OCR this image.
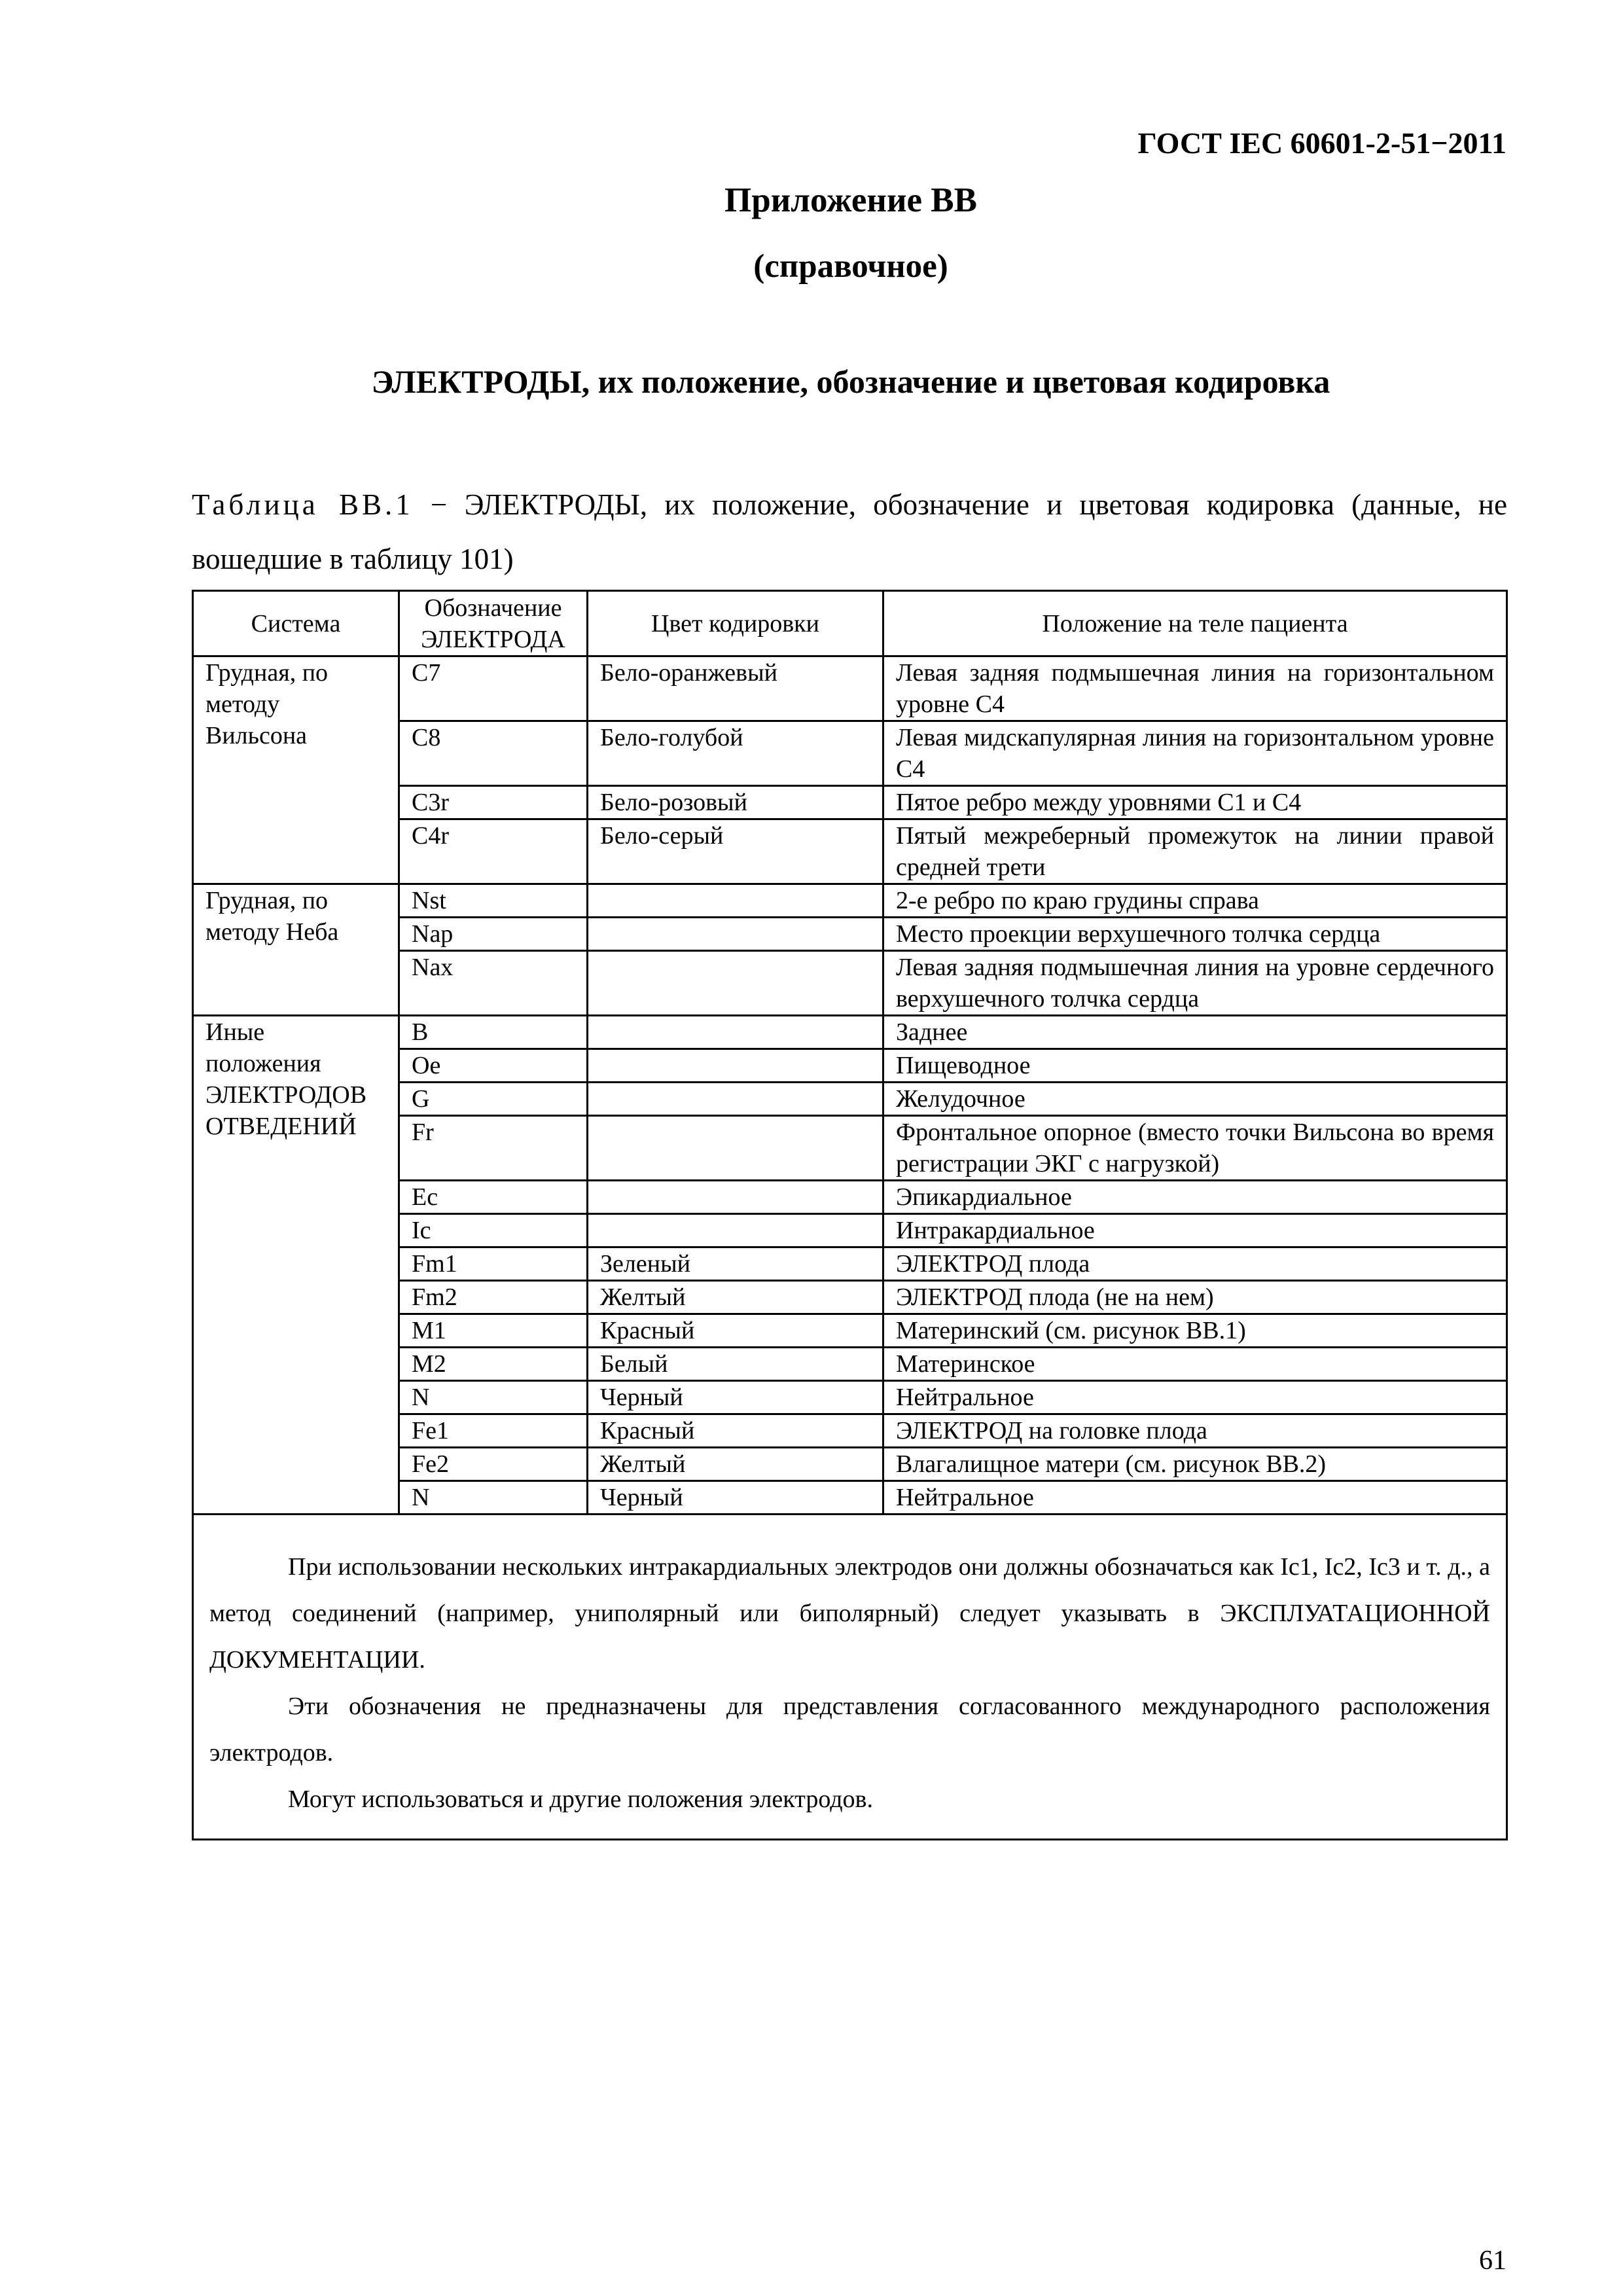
ГОСТ IEC 60601-2-51−2011
Приложение ВВ
(справочное)
ЭЛЕКТРОДЫ, их положение, обозначение и цветовая кодировка
Таблица ВВ.1 − ЭЛЕКТРОДЫ, их положение, обозначение и цветовая кодировка (данные, не вошедшие в таблицу 101)
Система	Обозначение ЭЛЕКТРОДА	Цвет кодировки	Положение на теле пациента
Грудная, по методу Вильсона	C7	Бело-оранжевый	Левая задняя подмышечная линия на горизонтальном уровне С4
	C8	Бело-голубой	Левая мидскапулярная линия на горизонтальном уровне С4
	C3r	Бело-розовый	Пятое ребро между уровнями С1 и С4
	C4r	Бело-серый	Пятый межреберный промежуток на линии правой средней трети
Грудная, по методу Неба	Nst		2-е ребро по краю грудины справа
	Nap		Место проекции верхушечного толчка сердца
	Nax		Левая задняя подмышечная линия на уровне сердечного верхушечного толчка сердца
Иные положения ЭЛЕКТРОДОВ ОТВЕДЕНИЙ	B		Заднее
	Oe		Пищеводное
	G		Желудочное
	Fr		Фронтальное опорное (вместо точки Вильсона во время регистрации ЭКГ с нагрузкой)
	Ec		Эпикардиальное
	Ic		Интракардиальное
	Fm1	Зеленый	ЭЛЕКТРОД плода
	Fm2	Желтый	ЭЛЕКТРОД плода (не на нем)
	M1	Красный	Материнский (см. рисунок ВВ.1)
	M2	Белый	Материнское
	N	Черный	Нейтральное
	Fe1	Красный	ЭЛЕКТРОД на головке плода
	Fe2	Желтый	Влагалищное матери (см. рисунок ВВ.2)
	N	Черный	Нейтральное

При использовании нескольких интракардиальных электродов они должны обозначаться как Ic1, Ic2, Ic3 и т. д., а метод соединений (например, униполярный или биполярный) следует указывать в ЭКСПЛУАТАЦИОННОЙ ДОКУМЕНТАЦИИ.

Эти обозначения не предназначены для представления согласованного международного расположения электродов.

Могут использоваться и другие положения электродов.			

61
